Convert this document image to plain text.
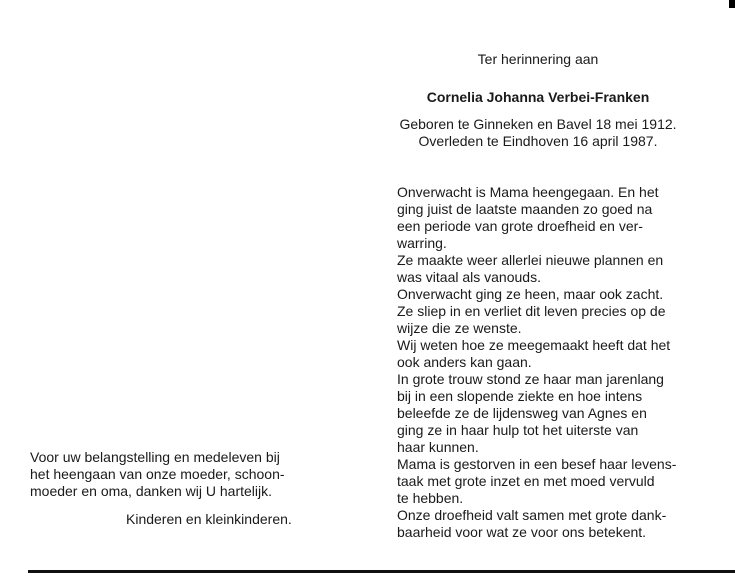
Ter herinnering aan

Cornelia Johanna Verbei-Franken
Geboren te Ginneken en Bavel 18 mei 1912.
Overleden te Eindhoven 16 april 1987.
Onverwacht is Mama heengegaan. En het
ging juist de laatste maanden zo goed na
een periode van grote droefheid en ver-
warring.
Ze maakte weer allerlei nieuwe plannen en
was vitaal als vanouds.
Onverwacht ging ze heen, maar ook zacht.
Ze sliep in en verliet dit leven precies op de
wijze die ze wenste.
Wij weten hoe ze meegemaakt heeft dat het
ook anders kan gaan.
In grote trouw stond ze haar man jarenlang
bij in een slopende ziekte en hoe intens
beleefde ze de lijdensweg van Agnes en
ging ze in haar hulp tot het uiterste van
haar kunnen.
Mama is gestorven in een besef haar levens-
taak met grote inzet en met moed vervuld
te hebben.
Onze droefheid valt samen met grote dank-
baarheid voor wat ze voor ons betekent.
Voor uw belangstelling en medeleven bij
het heengaan van onze moeder, schoon-
moeder en oma, danken wij U hartelijk.
Kinderen en kleinkinderen.
